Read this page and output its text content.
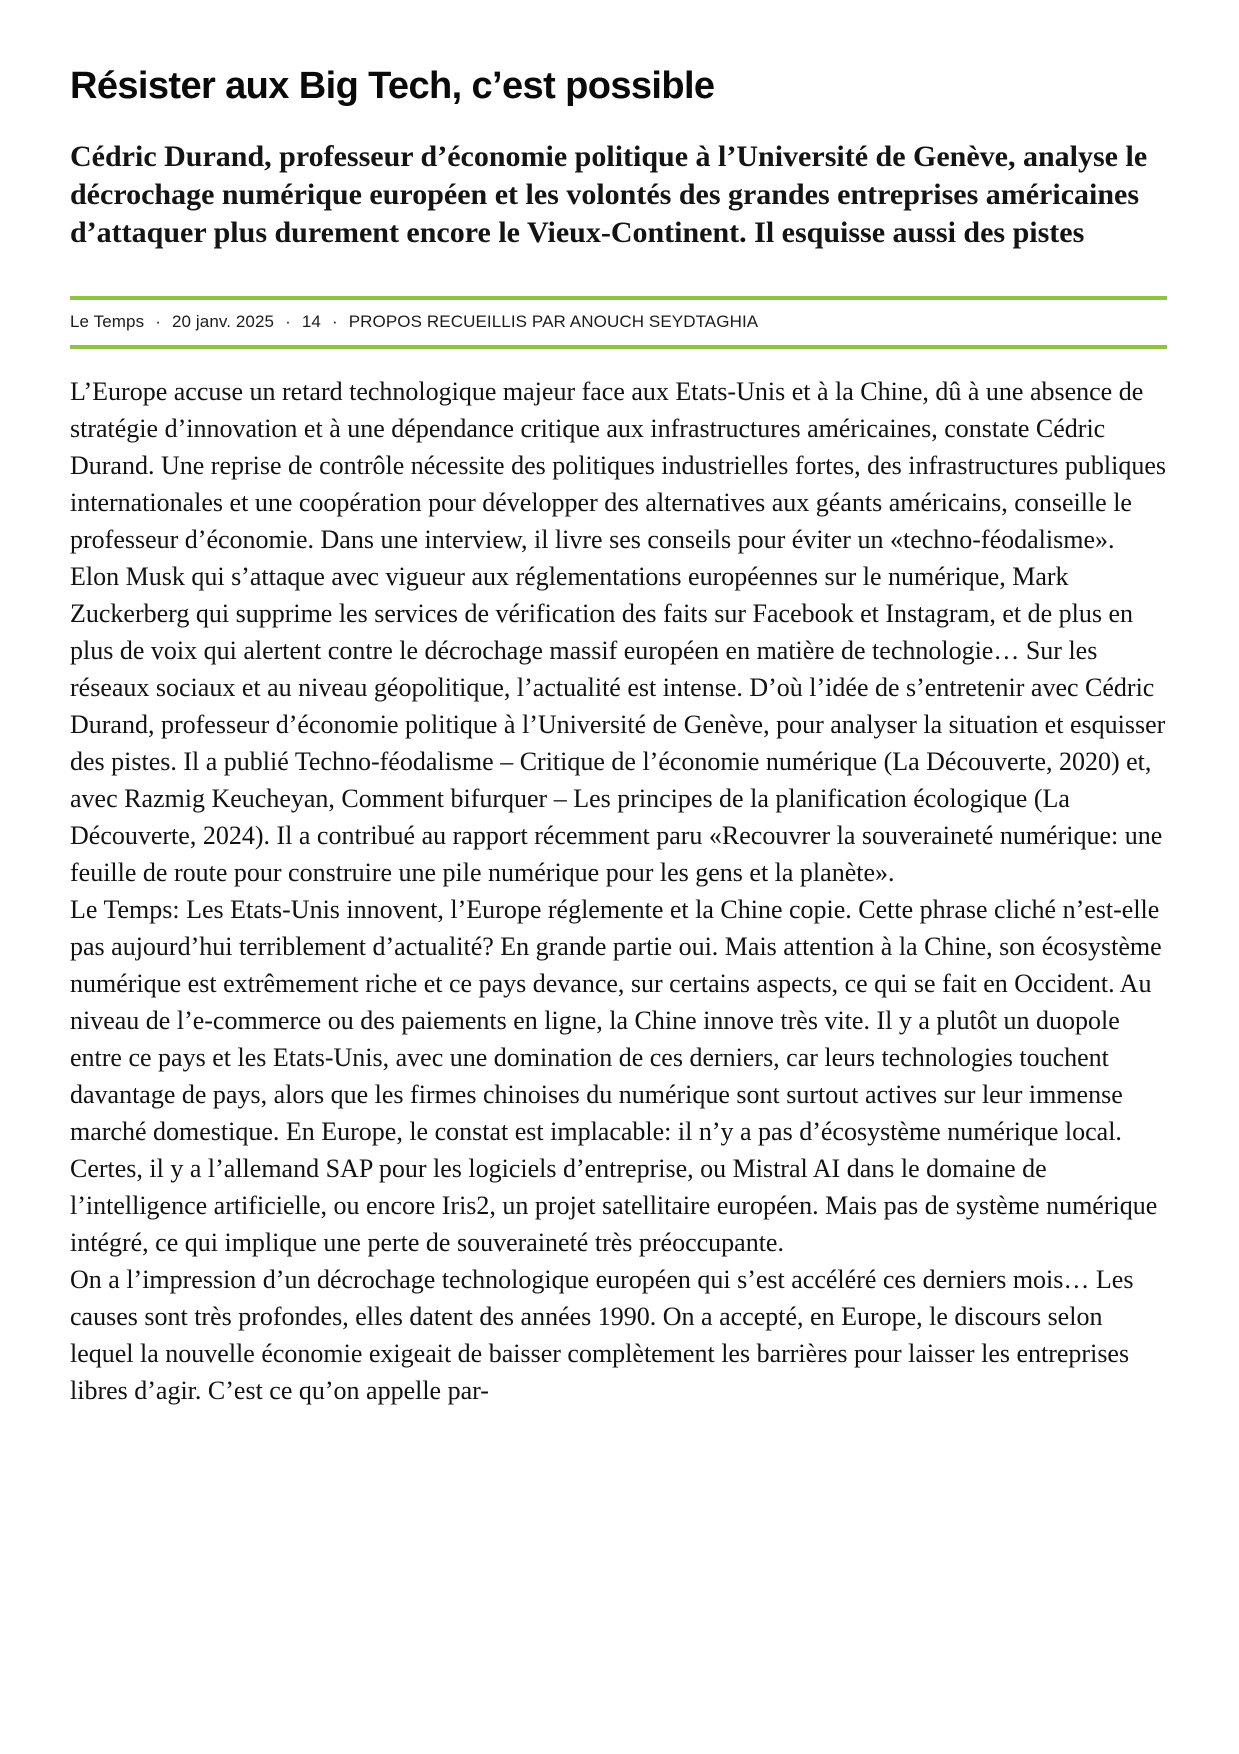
Résister aux Big Tech, c’est possible

Cédric Durand, professeur d’économie politique à l’Université de Genève, analyse le décrochage numérique européen et les volontés des grandes entreprises américaines d’attaquer plus durement encore le Vieux-Continent. Il esquisse aussi des pistes

Le Temps · 20 janv. 2025 · 14 · PROPOS RECUEILLIS PAR ANOUCH SEYDTAGHIA

L’Europe accuse un retard technologique majeur face aux Etats-Unis et à la Chine, dû à une absence de stratégie d’innovation et à une dépendance critique aux infrastructures américaines, constate Cédric Durand. Une reprise de contrôle nécessite des politiques industrielles fortes, des infrastructures publiques internationales et une coopération pour développer des alternatives aux géants américains, conseille le professeur d’économie. Dans une interview, il livre ses conseils pour éviter un «techno-féodalisme». Elon Musk qui s’attaque avec vigueur aux réglementations européennes sur le numérique, Mark Zuckerberg qui supprime les services de vérification des faits sur Facebook et Instagram, et de plus en plus de voix qui alertent contre le décrochage massif européen en matière de technologie… Sur les réseaux sociaux et au niveau géopolitique, l’actualité est intense. D’où l’idée de s’entretenir avec Cédric Durand, professeur d’économie politique à l’Université de Genève, pour analyser la situation et esquisser des pistes. Il a publié Techno-féodalisme – Critique de l’économie numérique (La Découverte, 2020) et, avec Razmig Keucheyan, Comment bifurquer – Les principes de la planification écologique (La Découverte, 2024). Il a contribué au rapport récemment paru «Recouvrer la souveraineté numérique: une feuille de route pour construire une pile numérique pour les gens et la planète».

Le Temps: Les Etats-Unis innovent, l’Europe réglemente et la Chine copie. Cette phrase cliché n’est-elle pas aujourd’hui terriblement d’actualité? En grande partie oui. Mais attention à la Chine, son écosystème numérique est extrêmement riche et ce pays devance, sur certains aspects, ce qui se fait en Occident. Au niveau de l’e-commerce ou des paiements en ligne, la Chine innove très vite. Il y a plutôt un duopole entre ce pays et les Etats-Unis, avec une domination de ces derniers, car leurs technologies touchent davantage de pays, alors que les firmes chinoises du numérique sont surtout actives sur leur immense marché domestique. En Europe, le constat est implacable: il n’y a pas d’écosystème numérique local. Certes, il y a l’allemand SAP pour les logiciels d’entreprise, ou Mistral AI dans le domaine de l’intelligence artificielle, ou encore Iris2, un projet satellitaire européen. Mais pas de système numérique intégré, ce qui implique une perte de souveraineté très préoccupante.

On a l’impression d’un décrochage technologique européen qui s’est accéléré ces derniers mois… Les causes sont très profondes, elles datent des années 1990. On a accepté, en Europe, le discours selon lequel la nouvelle économie exigeait de baisser complètement les barrières pour laisser les entreprises libres d’agir. C’est ce qu’on appelle par-
